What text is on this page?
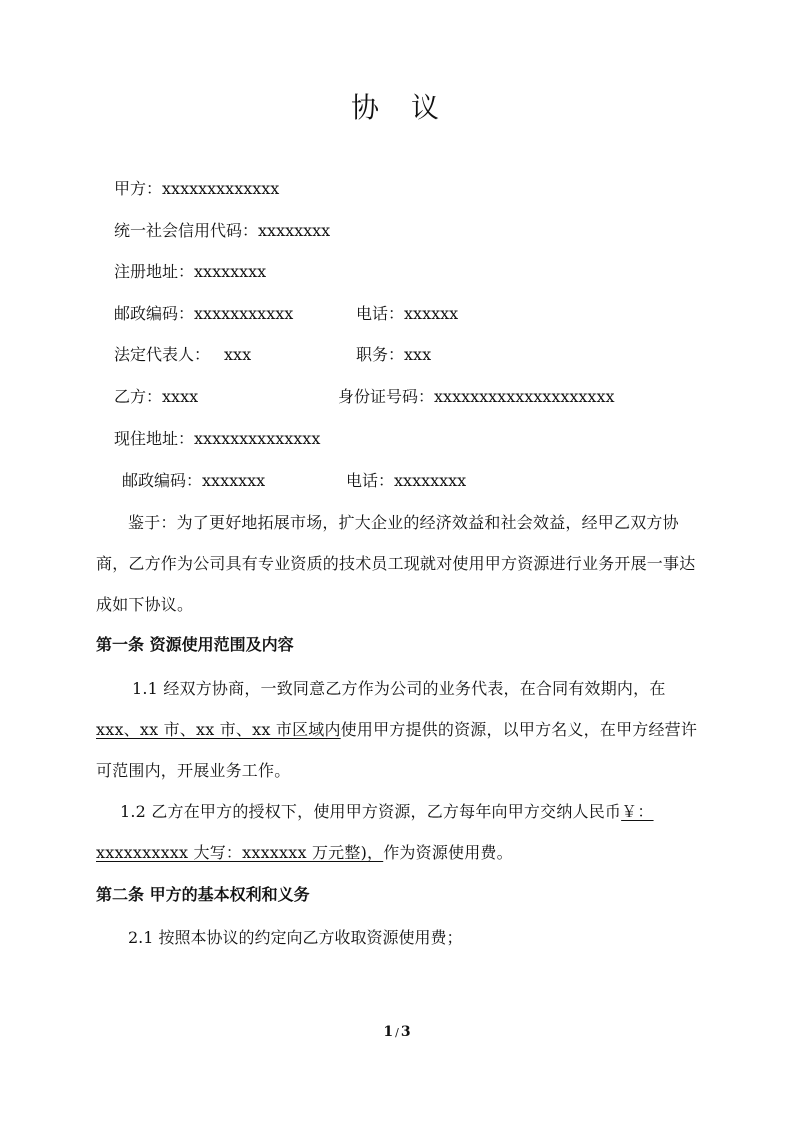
协 议
甲方：xxxxxxxxxxxxx
统一社会信用代码：xxxxxxxx
注册地址：xxxxxxxx
邮政编码：xxxxxxxxxxx	电话：xxxxxx
法定代表人： xxx	职务：xxx
乙方：xxxx	身份证号码：xxxxxxxxxxxxxxxxxxxx
现住地址：xxxxxxxxxxxxxx
邮政编码：xxxxxxx	电话：xxxxxxxx
鉴于：为了更好地拓展市场，扩大企业的经济效益和社会效益，经甲乙双方协商，乙方作为公司具有专业资质的技术员工现就对使用甲方资源进行业务开展一事达成如下协议。
第一条 资源使用范围及内容
1.1 经双方协商，一致同意乙方作为公司的业务代表，在合同有效期内，在xxx、xx 市、xx 市、xx 市区域内使用甲方提供的资源，以甲方名义，在甲方经营许可范围内，开展业务工作。
1.2 乙方在甲方的授权下，使用甲方资源，乙方每年向甲方交纳人民币￥：xxxxxxxxxx 大写：xxxxxxx 万元整)，作为资源使用费。
第二条 甲方的基本权利和义务
2.1 按照本协议的约定向乙方收取资源使用费；
1 / 3
